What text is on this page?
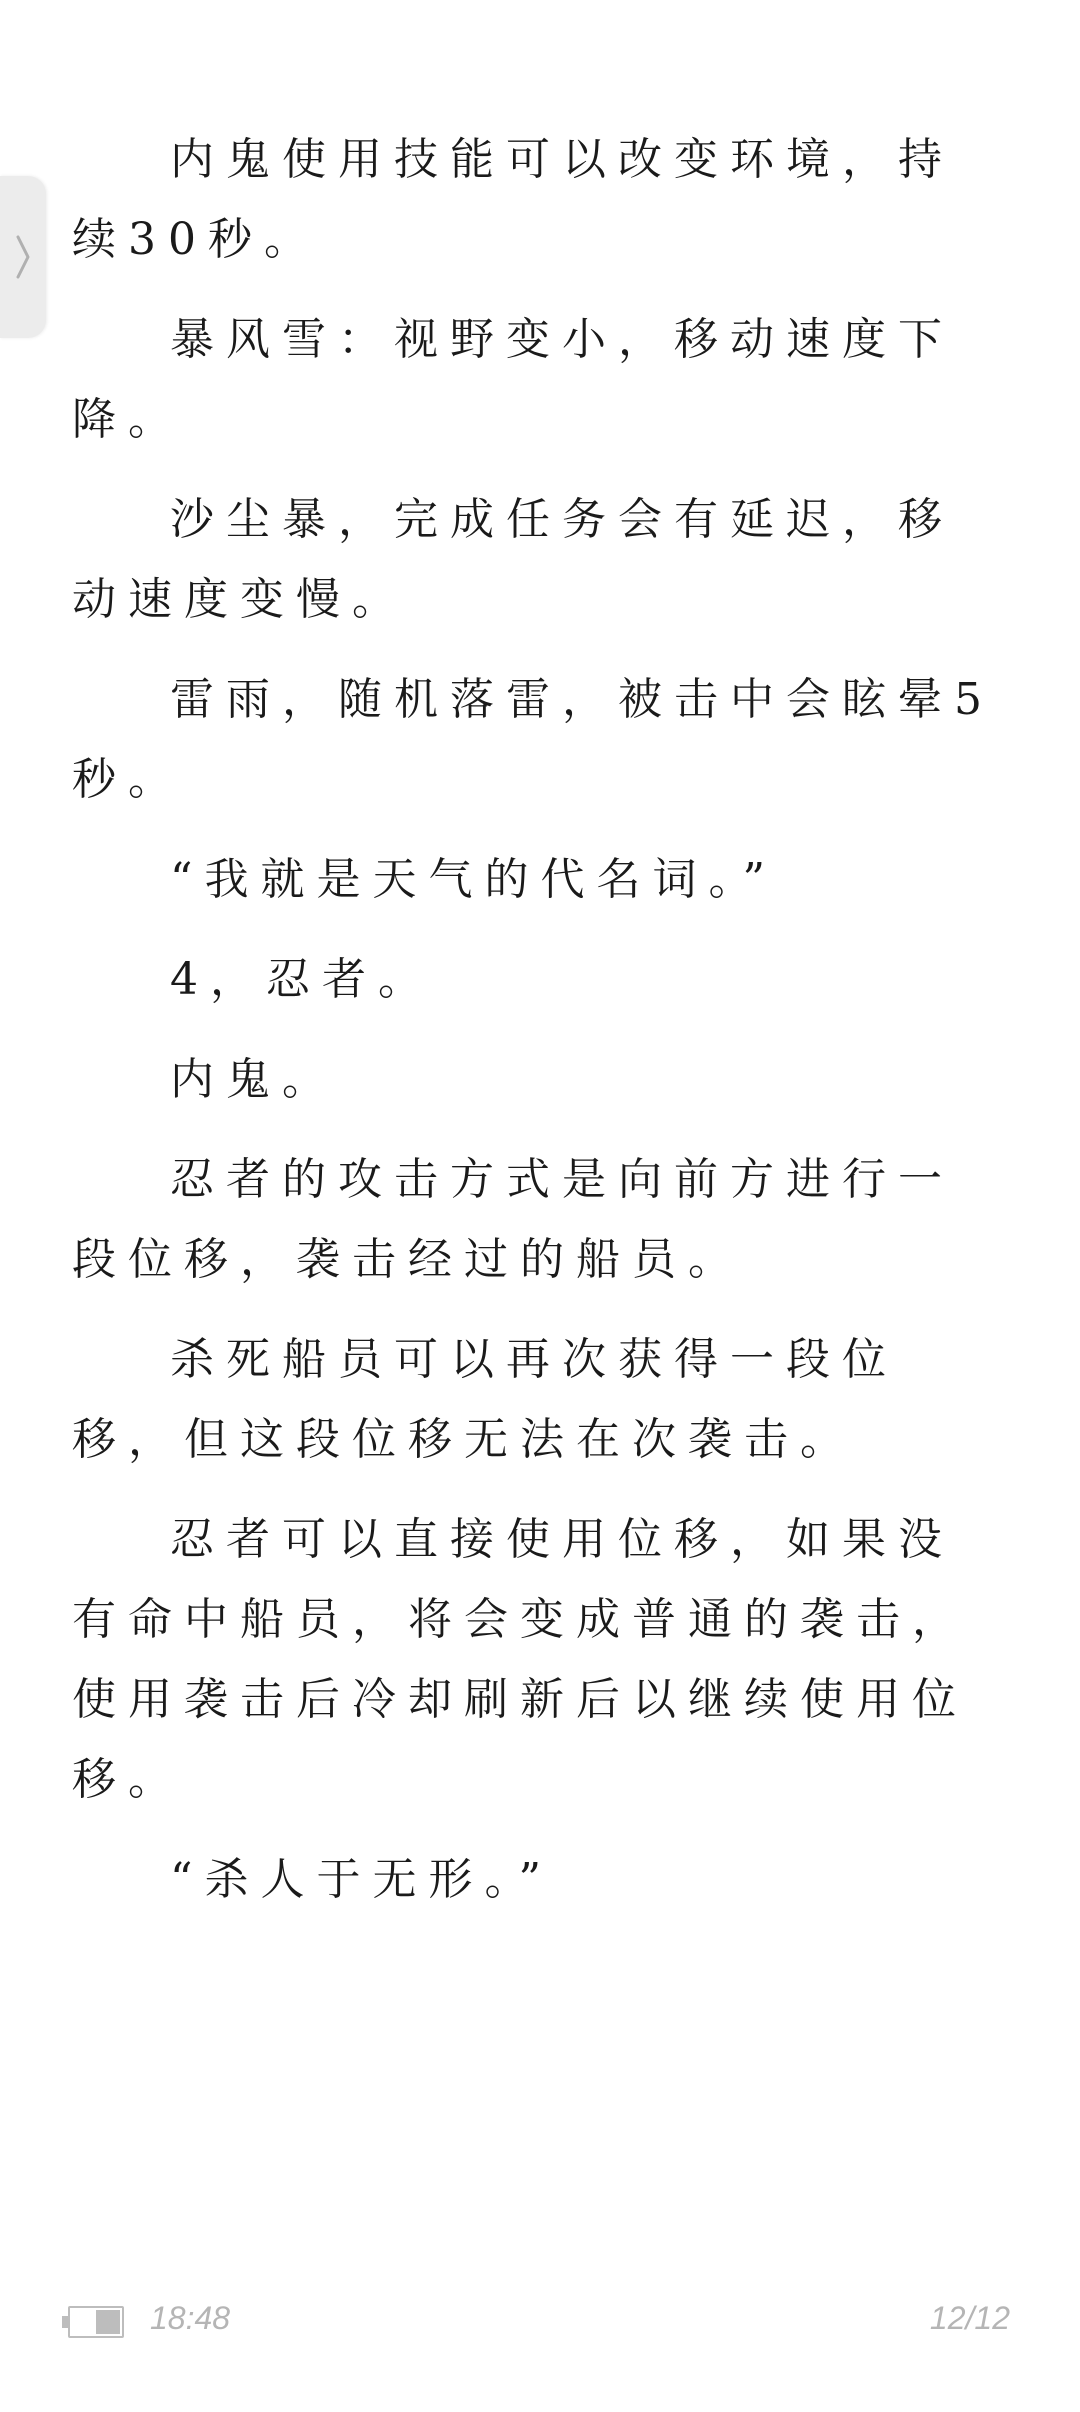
内鬼使用技能可以改变环境，持续30秒。

暴风雪：视野变小，移动速度下降。

沙尘暴，完成任务会有延迟，移动速度变慢。

雷雨，随机落雷，被击中会眩晕5秒。

“我就是天气的代名词。”

4，忍者。

内鬼。

忍者的攻击方式是向前方进行一段位移，袭击经过的船员。

杀死船员可以再次获得一段位移，但这段位移无法在次袭击。

忍者可以直接使用位移，如果没有命中船员，将会变成普通的袭击，使用袭击后冷却刷新后以继续使用位移。

“杀人于无形。”

18:48	12/12
